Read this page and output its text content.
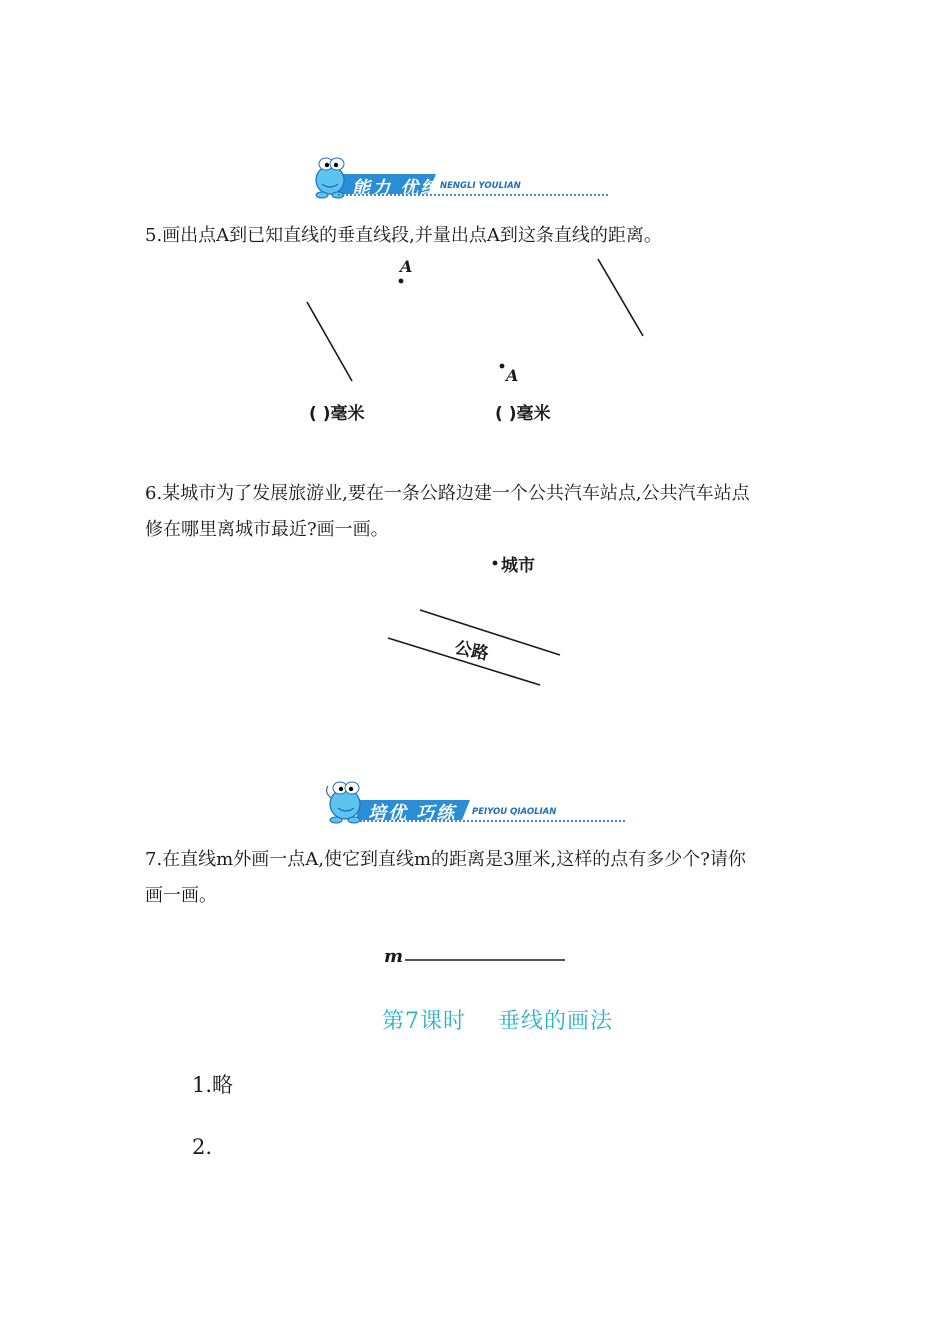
能力 优练 NENGLI YOULIAN
5.画出点A到已知直线的垂直线段,并量出点A到这条直线的距离。
A
A
( )毫米	( )毫米
6.某城市为了发展旅游业,要在一条公路边建一个公共汽车站点,公共汽车站点
修在哪里离城市最近?画一画。
城市
公路
培优 巧练 PEIYOU QIAOLIAN
7.在直线m外画一点A,使它到直线m的距离是3厘米,这样的点有多少个?请你
画一画。
m
第7课时    垂线的画法
1.略
2.
